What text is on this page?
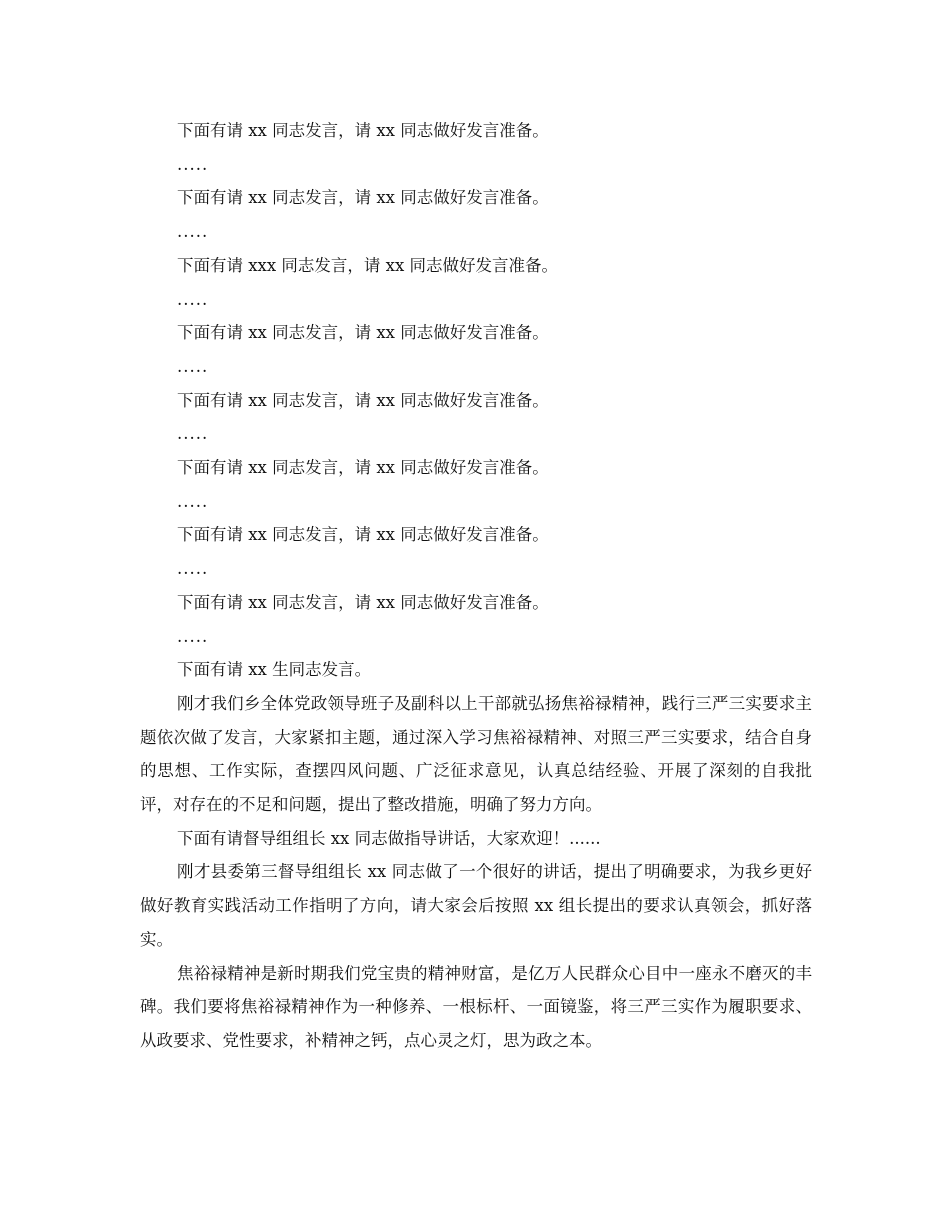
下面有请 xx 同志发言，请 xx 同志做好发言准备。

.....

下面有请 xx 同志发言，请 xx 同志做好发言准备。

.....

下面有请 xxx 同志发言，请 xx 同志做好发言准备。

.....

下面有请 xx 同志发言，请 xx 同志做好发言准备。

.....

下面有请 xx 同志发言，请 xx 同志做好发言准备。

.....

下面有请 xx 同志发言，请 xx 同志做好发言准备。

.....

下面有请 xx 同志发言，请 xx 同志做好发言准备。

.....

下面有请 xx 同志发言，请 xx 同志做好发言准备。

.....

下面有请 xx 生同志发言。

刚才我们乡全体党政领导班子及副科以上干部就弘扬焦裕禄精神，践行三严三实要求主题依次做了发言，大家紧扣主题，通过深入学习焦裕禄精神、对照三严三实要求，结合自身的思想、工作实际，查摆四风问题、广泛征求意见，认真总结经验、开展了深刻的自我批评，对存在的不足和问题，提出了整改措施，明确了努力方向。

下面有请督导组组长 xx 同志做指导讲话，大家欢迎！......

刚才县委第三督导组组长 xx 同志做了一个很好的讲话，提出了明确要求，为我乡更好做好教育实践活动工作指明了方向，请大家会后按照 xx 组长提出的要求认真领会，抓好落实。

焦裕禄精神是新时期我们党宝贵的精神财富，是亿万人民群众心目中一座永不磨灭的丰碑。我们要将焦裕禄精神作为一种修养、一根标杆、一面镜鉴，将三严三实作为履职要求、从政要求、党性要求，补精神之钙，点心灵之灯，思为政之本。
